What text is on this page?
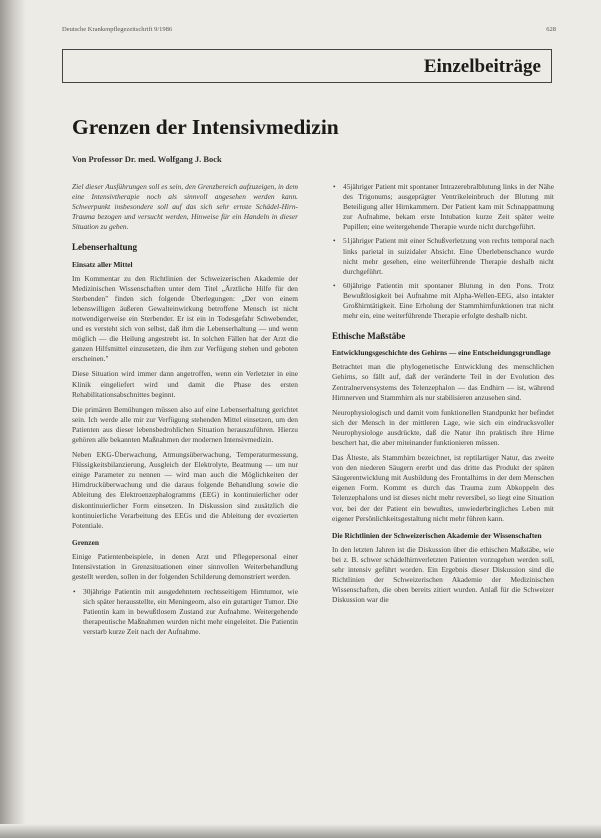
Deutsche Krankenpflegezeitschrift 9/1986	628
Einzelbeiträge
Grenzen der Intensivmedizin
Von Professor Dr. med. Wolfgang J. Bock

Ziel dieser Ausführungen soll es sein, den Grenzbereich aufzuzeigen, in dem eine Intensivtherapie noch als sinnvoll angesehen werden kann. Schwerpunkt insbesondere soll auf das sich sehr ernste Schädel-Hirn-Trauma bezogen und versucht werden, Hinweise für ein Handeln in dieser Situation zu geben.

Lebenserhaltung
Einsatz aller Mittel

Im Kommentar zu den Richtlinien der Schweizerischen Akademie der Medizinischen Wissenschaften unter dem Titel „Ärztliche Hilfe für den Sterbenden" finden sich folgende Überlegungen: „Der von einem lebenswilligen äußeren Gewalteinwirkung betroffene Mensch ist nicht notwendigerweise ein Sterbender. Er ist ein in Todesgefahr Schwebender, und es versteht sich von selbst, daß ihm die Lebenserhaltung — und wenn möglich — die Heilung angestrebt ist. In solchen Fällen hat der Arzt die ganzen Hilfsmittel einzusetzen, die ihm zur Verfügung stehen und geboten erscheinen."

Diese Situation wird immer dann angetroffen, wenn ein Verletzter in eine Klinik eingeliefert wird und damit die Phase des ersten Rehabilitationsabschnittes beginnt.

Die primären Bemühungen müssen also auf eine Lebenserhaltung gerichtet sein. Ich werde alle mir zur Verfügung stehenden Mittel einsetzen, um den Patienten aus dieser lebensbedrohlichen Situation herauszuführen. Hierzu gehören alle bekannten Maßnahmen der modernen Intensivmedizin.

Neben EKG-Überwachung, Atmungsüberwachung, Temperaturmessung, Flüssigkeitsbilanzierung, Ausgleich der Elektrolyte, Beatmung — um nur einige Parameter zu nennen — wird man auch die Möglichkeiten der Hirndrucküberwachung und die daraus folgende Behandlung sowie die Ableitung des Elektroenzephalogramms (EEG) in kontinuierlicher oder diskontinuierlicher Form einsetzen. In Diskussion sind zusätzlich die kontinuierliche Verarbeitung des EEGs und die Ableitung der evozierten Potentiale.

Grenzen

Einige Patientenbeispiele, in denen Arzt und Pflegepersonal einer Intensivstation in Grenzsituationen einer sinnvollen Weiterbehandlung gestellt werden, sollen in der folgenden Schilderung demonstriert werden.

• 30jährige Patientin mit ausgedehntem rechtsseitigem Hirntumor, wie sich später herausstellte, ein Meningeom, also ein gutartiger Tumor. Die Patientin kam in bewußtlosem Zustand zur Aufnahme. Weitergehende therapeutische Maßnahmen wurden nicht mehr eingeleitet. Die Patientin verstarb kurze Zeit nach der Aufnahme.
• 45jähriger Patient mit spontaner Intrazerebralblutung links in der Nähe des Trigonums; ausgeprägter Ventrikeleinbruch der Blutung mit Beteiligung aller Hirnkammern. Der Patient kam mit Schnappatmung zur Aufnahme, bekam erste Intubation kurze Zeit später weite Pupillen; eine weitergehende Therapie wurde nicht durchgeführt.
• 51jähriger Patient mit einer Schußverletzung von rechts temporal nach links parietal in suizidaler Absicht. Eine Überlebenschance wurde nicht mehr gesehen, eine weiterführende Therapie deshalb nicht durchgeführt.
• 60jährige Patientin mit spontaner Blutung in den Pons. Trotz Bewußtlosigkeit bei Aufnahme mit Alpha-Wellen-EEG, also intakter Großhirntätigkeit. Eine Erholung der Stammhirnfunktionen trat nicht mehr ein, eine weiterführende Therapie erfolgte deshalb nicht.
Ethische Maßstäbe
Entwicklungsgeschichte des Gehirns — eine Entscheidungsgrundlage

Betrachtet man die phylogenetische Entwicklung des menschlichen Gehirns, so fällt auf, daß der veränderte Teil in der Evolution des Zentralnervensystems des Telenzephalon — das Endhirn — ist, während Hirnnerven und Stammhirn als nur stabilisieren anzusehen sind.

Neurophysiologisch und damit vom funktionellen Standpunkt her befindet sich der Mensch in der mittleren Lage, wie sich ein eindrucksvoller Neurophysiologe ausdrückte, daß die Natur ihn praktisch ihre Hirne beschert hat, die aber miteinander funktionieren müssen.

Das Älteste, als Stammhirn bezeichnet, ist reptilartiger Natur, das zweite von den niederen Säugern ererbt und das dritte das Produkt der späten Säugerentwicklung mit Ausbildung des Frontalhirns in der dem Menschen eigenen Form. Kommt es durch das Trauma zum Abkoppeln des Telenzephalons und ist dieses nicht mehr reversibel, so liegt eine Situation vor, bei der der Patient ein bewußtes, unwiederbringliches Leben mit eigener Persönlichkeitsgestaltung nicht mehr führen kann.

Die Richtlinien der Schweizerischen Akademie der Wissenschaften

In den letzten Jahren ist die Diskussion über die ethischen Maßstäbe, wie bei z. B. schwer schädelhirnverletzten Patienten vorzugehen werden soll, sehr intensiv geführt worden. Ein Ergebnis dieser Diskussion sind die Richtlinien der Schweizerischen Akademie der Medizinischen Wissenschaften, die oben bereits zitiert wurden. Anlaß für die Schweizer Diskussion war die
